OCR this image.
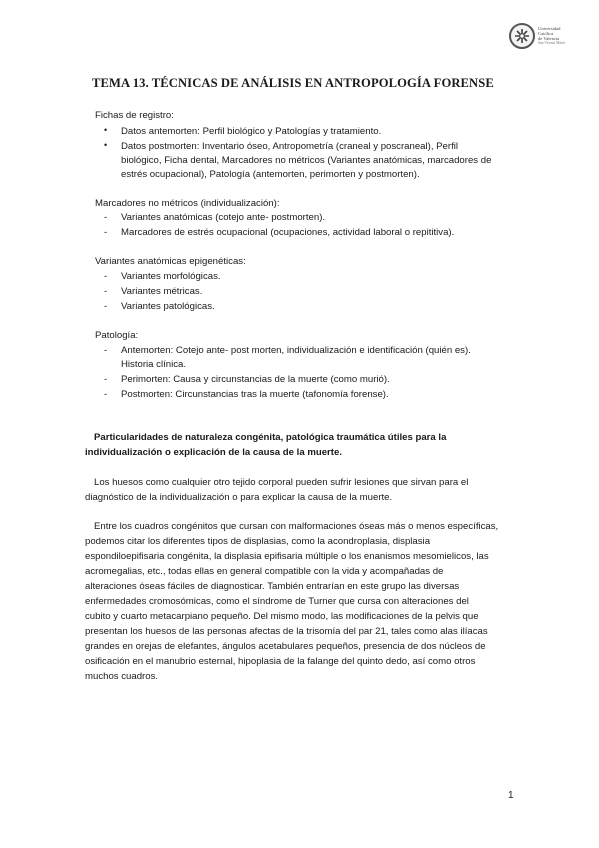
Universidad
Católica
de Valencia
San Vicente Mártir
TEMA 13. TÉCNICAS DE ANÁLISIS EN ANTROPOLOGÍA FORENSE
Fichas de registro:
• Datos antemorten: Perfil biológico y Patologías y tratamiento.
• Datos postmorten: Inventario óseo, Antropometría (craneal y poscraneal), Perfil
biológico, Ficha dental, Marcadores no métricos (Variantes anatómicas, marcadores de
estrés ocupacional), Patología (antemorten, perimorten y postmorten).
Marcadores no métricos (individualización):
- Variantes anatómicas (cotejo ante- postmorten).
- Marcadores de estrés ocupacional (ocupaciones, actividad laboral o repititiva).
Variantes anatómicas epigenéticas:
- Variantes morfológicas.
- Variantes métricas.
- Variantes patológicas.
Patología:
- Antemorten: Cotejo ante- post morten, individualización e identificación (quién es).
Historia clínica.
- Perimorten: Causa y circunstancias de la muerte (como murió).
- Postmorten: Circunstancias tras la muerte (tafonomía forense).
Particularidades de naturaleza congénita, patológica traumática útiles para la
individualización o explicación de la causa de la muerte.
Los huesos como cualquier otro tejido corporal pueden sufrir lesiones que sirvan para el
diagnóstico de la individualización o para explicar la causa de la muerte.
Entre los cuadros congénitos que cursan con malformaciones óseas más o menos específicas,
podemos citar los diferentes tipos de displasias, como la acondroplasia, displasia
espondiloepifisaria congénita, la displasia epifisaria múltiple o los enanismos mesomielicos, las
acromegalias, etc., todas ellas en general compatible con la vida y acompañadas de
alteraciones óseas fáciles de diagnosticar. También entrarían en este grupo las diversas
enfermedades cromosómicas, como el síndrome de Turner que cursa con alteraciones del
cubito y cuarto metacarpiano pequeño. Del mismo modo, las modificaciones de la pelvis que
presentan los huesos de las personas afectas de la trisomía del par 21, tales como alas ilíacas
grandes en orejas de elefantes, ángulos acetabulares pequeños, presencia de dos núcleos de
osificación en el manubrio esternal, hipoplasia de la falange del quinto dedo, así como otros
muchos cuadros.
1
